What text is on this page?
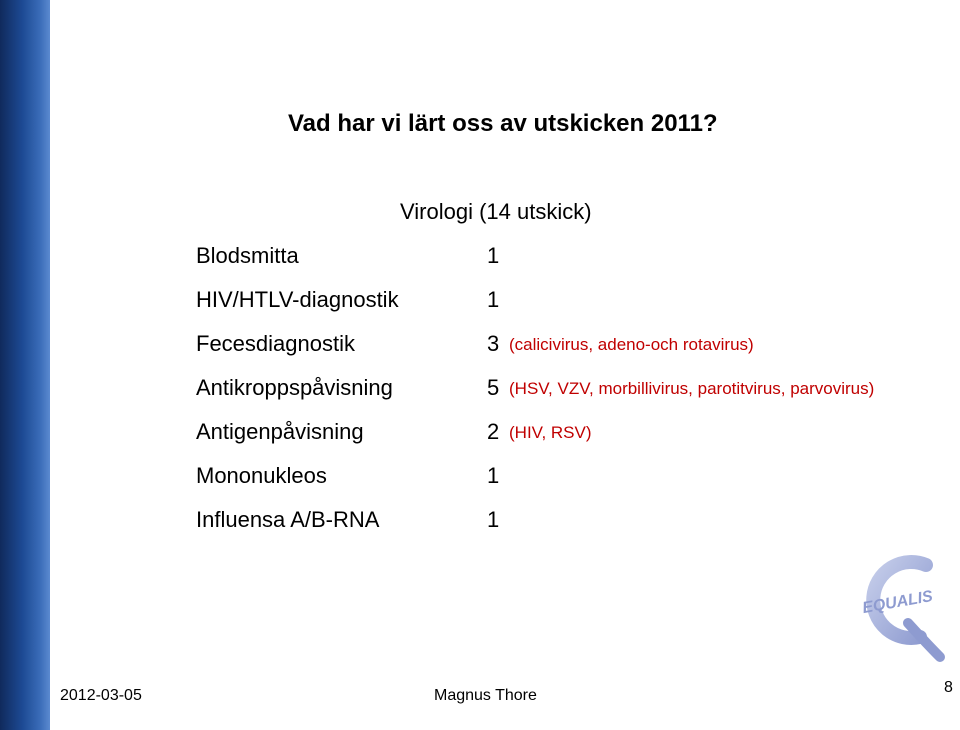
Vad har vi lärt oss av utskicken 2011?
Virologi (14 utskick)
Blodsmitta	1
HIV/HTLV-diagnostik	1
Fecesdiagnostik	3 (calicivirus, adeno-och rotavirus)
Antikroppspåvisning	5 (HSV, VZV, morbillivirus, parotitvirus, parvovirus)
Antigenpåvisning	2 (HIV, RSV)
Mononukleos	1
Influensa A/B-RNA	1
EQUALIS
2012-03-05	Magnus Thore	8
